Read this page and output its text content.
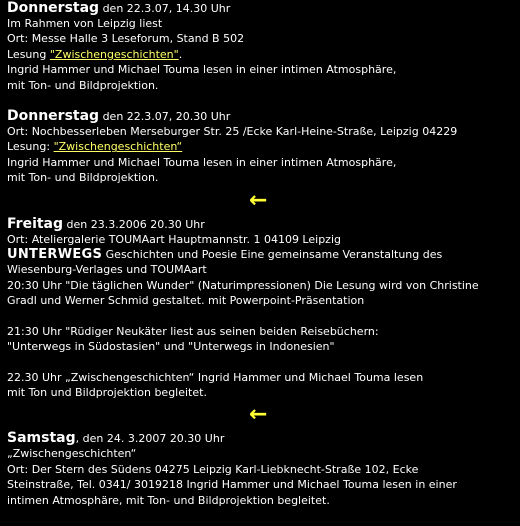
Donnerstag den 22.3.07, 14.30 Uhr
Im Rahmen von Leipzig liest
Ort: Messe Halle 3 Leseforum, Stand B 502
Lesung "Zwischengeschichten".
Ingrid Hammer und Michael Touma lesen in einer intimen Atmosphäre,
mit Ton- und Bildprojektion.
Donnerstag den 22.3.07, 20.30 Uhr
Ort: Nochbesserleben Merseburger Str. 25 /Ecke Karl-Heine-Straße, Leipzig 04229
Lesung: "Zwischengeschichten“
Ingrid Hammer und Michael Touma lesen in einer intimen Atmosphäre,
mit Ton- und Bildprojektion.
←
Freitag den 23.3.2006 20.30 Uhr
Ort: Ateliergalerie TOUMAart Hauptmannstr. 1 04109 Leipzig
UNTERWEGS Geschichten und Poesie Eine gemeinsame Veranstaltung des
Wiesenburg-Verlages und TOUMAart
20:30 Uhr "Die täglichen Wunder" (Naturimpressionen) Die Lesung wird von Christine
Gradl und Werner Schmid gestaltet. mit Powerpoint-Präsentation
21:30 Uhr "Rüdiger Neukäter liest aus seinen beiden Reisebüchern:
"Unterwegs in Südostasien" und "Unterwegs in Indonesien"
22.30 Uhr „Zwischengeschichten“ Ingrid Hammer und Michael Touma lesen
mit Ton und Bildprojektion begleitet.
←
Samstag, den 24. 3.2007 20.30 Uhr
„Zwischengeschichten“
Ort: Der Stern des Südens 04275 Leipzig Karl-Liebknecht-Straße 102, Ecke
Steinstraße, Tel. 0341/ 3019218 Ingrid Hammer und Michael Touma lesen in einer
intimen Atmosphäre, mit Ton- und Bildprojektion begleitet.
